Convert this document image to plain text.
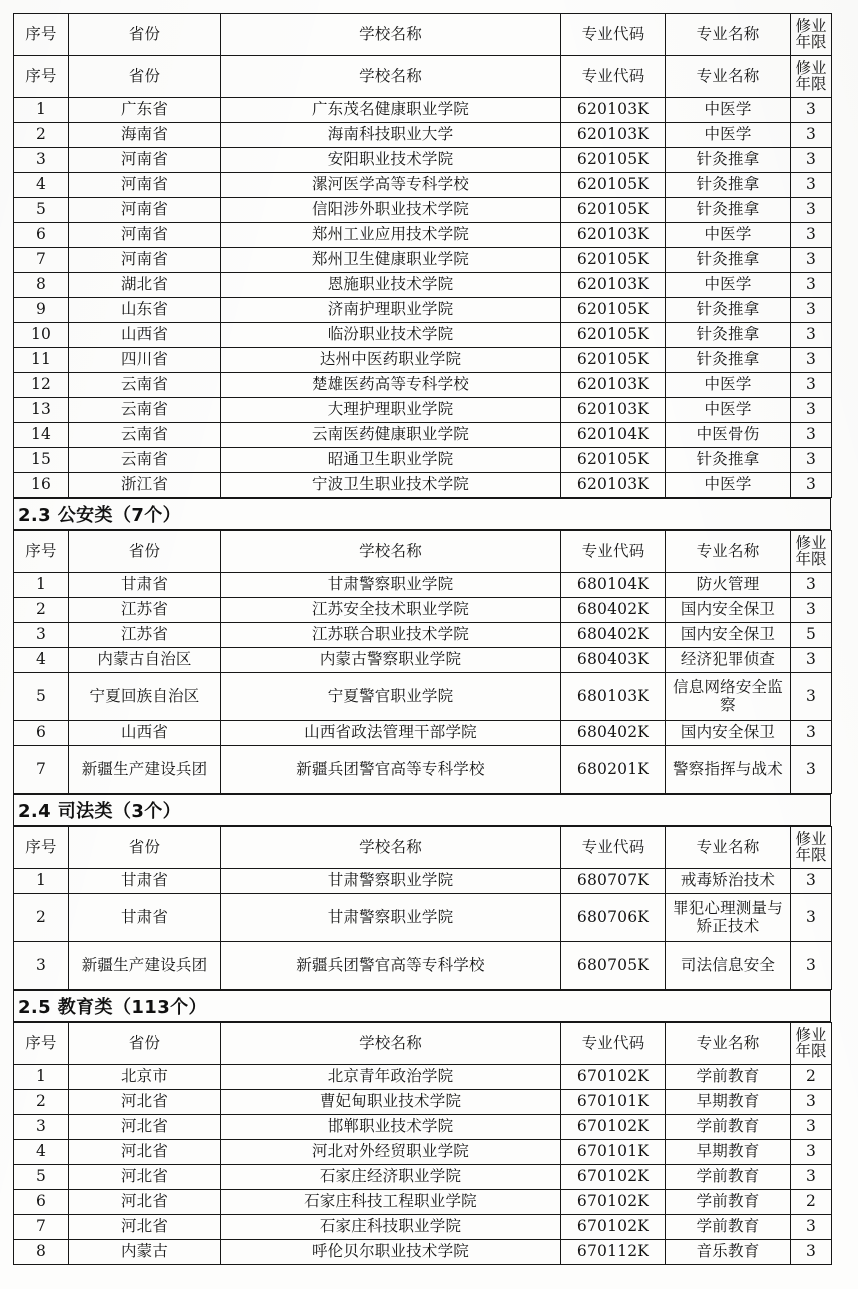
序号	省份	学校名称	专业代码	专业名称	修业年限
序号	省份	学校名称	专业代码	专业名称	修业年限
1	广东省	广东茂名健康职业学院	620103K	中医学	3
2	海南省	海南科技职业大学	620103K	中医学	3
3	河南省	安阳职业技术学院	620105K	针灸推拿	3
4	河南省	漯河医学高等专科学校	620105K	针灸推拿	3
5	河南省	信阳涉外职业技术学院	620105K	针灸推拿	3
6	河南省	郑州工业应用技术学院	620103K	中医学	3
7	河南省	郑州卫生健康职业学院	620105K	针灸推拿	3
8	湖北省	恩施职业技术学院	620103K	中医学	3
9	山东省	济南护理职业学院	620105K	针灸推拿	3
10	山西省	临汾职业技术学院	620105K	针灸推拿	3
11	四川省	达州中医药职业学院	620105K	针灸推拿	3
12	云南省	楚雄医药高等专科学校	620103K	中医学	3
13	云南省	大理护理职业学院	620103K	中医学	3
14	云南省	云南医药健康职业学院	620104K	中医骨伤	3
15	云南省	昭通卫生职业学院	620105K	针灸推拿	3
16	浙江省	宁波卫生职业技术学院	620103K	中医学	3
2.3 公安类（7个）
序号	省份	学校名称	专业代码	专业名称	修业年限
1	甘肃省	甘肃警察职业学院	680104K	防火管理	3
2	江苏省	江苏安全技术职业学院	680402K	国内安全保卫	3
3	江苏省	江苏联合职业技术学院	680402K	国内安全保卫	5
4	内蒙古自治区	内蒙古警察职业学院	680403K	经济犯罪侦查	3
5	宁夏回族自治区	宁夏警官职业学院	680103K	信息网络安全监察	3
6	山西省	山西省政法管理干部学院	680402K	国内安全保卫	3
7	新疆生产建设兵团	新疆兵团警官高等专科学校	680201K	警察指挥与战术	3
2.4 司法类（3个）
序号	省份	学校名称	专业代码	专业名称	修业年限
1	甘肃省	甘肃警察职业学院	680707K	戒毒矫治技术	3
2	甘肃省	甘肃警察职业学院	680706K	罪犯心理测量与矫正技术	3
3	新疆生产建设兵团	新疆兵团警官高等专科学校	680705K	司法信息安全	3
2.5 教育类（113个）
序号	省份	学校名称	专业代码	专业名称	修业年限
1	北京市	北京青年政治学院	670102K	学前教育	2
2	河北省	曹妃甸职业技术学院	670101K	早期教育	3
3	河北省	邯郸职业技术学院	670102K	学前教育	3
4	河北省	河北对外经贸职业学院	670101K	早期教育	3
5	河北省	石家庄经济职业学院	670102K	学前教育	3
6	河北省	石家庄科技工程职业学院	670102K	学前教育	2
7	河北省	石家庄科技职业学院	670102K	学前教育	3
8	内蒙古	呼伦贝尔职业技术学院	670112K	音乐教育	3
